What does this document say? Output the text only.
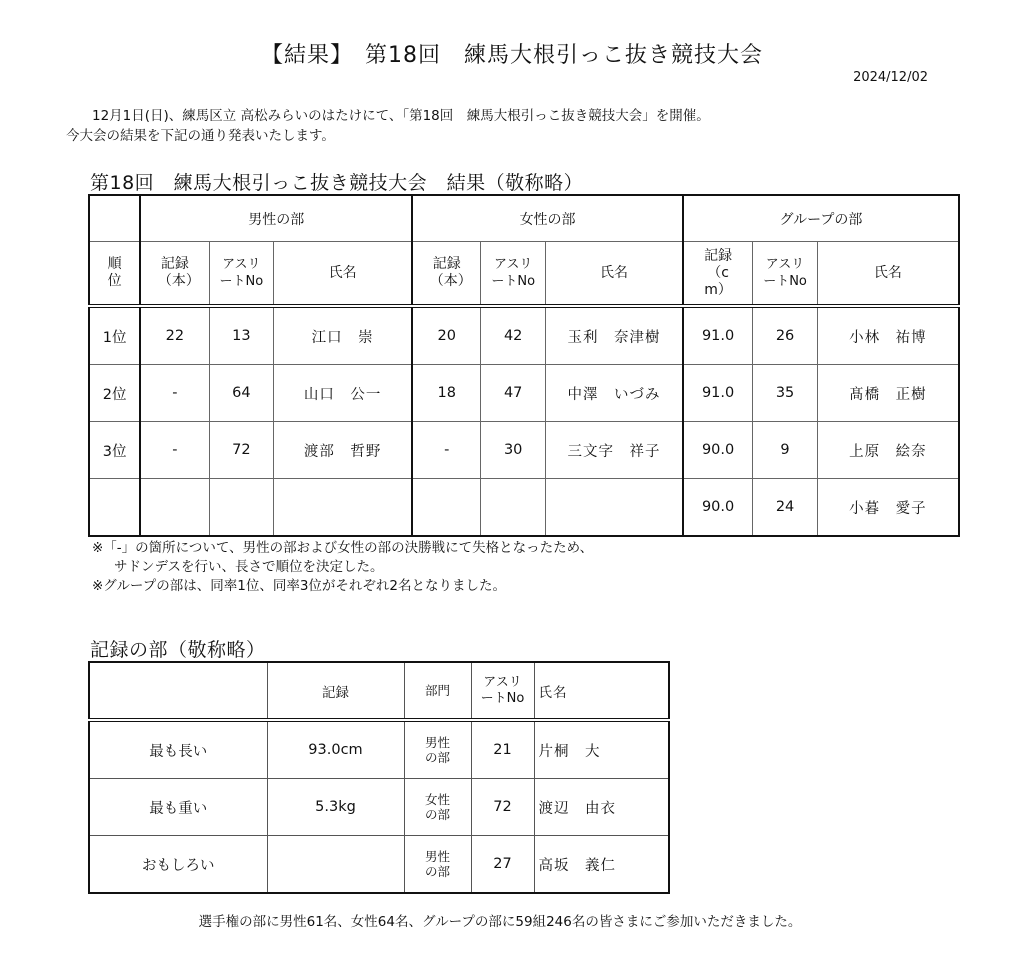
【結果】　第18回　練馬大根引っこ抜き競技大会
2024/12/02
12月1日(日)、練馬区立 高松みらいのはたけにて、「第18回　練馬大根引っこ抜き競技大会」を開催。
今大会の結果を下記の通り発表いたします。
第18回　練馬大根引っこ抜き競技大会　結果（敬称略）
	男性の部			女性の部			グループの部		
順位	記録（本）	アスリートNo	氏名	記録（本）	アスリートNo	氏名	記録（cm）	アスリートNo	氏名
1位	22	13	江口　崇	20	42	玉利　奈津樹	91.0	26	小林　祐博
2位	-	64	山口　公一	18	47	中澤　いづみ	91.0	35	髙橋　正樹
3位	-	72	渡部　哲野	-	30	三文字　祥子	90.0	9	上原　絵奈
							90.0	24	小暮　愛子
※「-」の箇所について、男性の部および女性の部の決勝戦にて失格となったため、
サドンデスを行い、長さで順位を決定した。
※グループの部は、同率1位、同率3位がそれぞれ2名となりました。
記録の部（敬称略）
	記録	部門	アスリートNo	氏名
最も長い	93.0cm	男性の部	21	片桐　大
最も重い	5.3kg	女性の部	72	渡辺　由衣
おもしろい		男性の部	27	高坂　義仁
選手権の部に男性61名、女性64名、グループの部に59組246名の皆さまにご参加いただきました。
